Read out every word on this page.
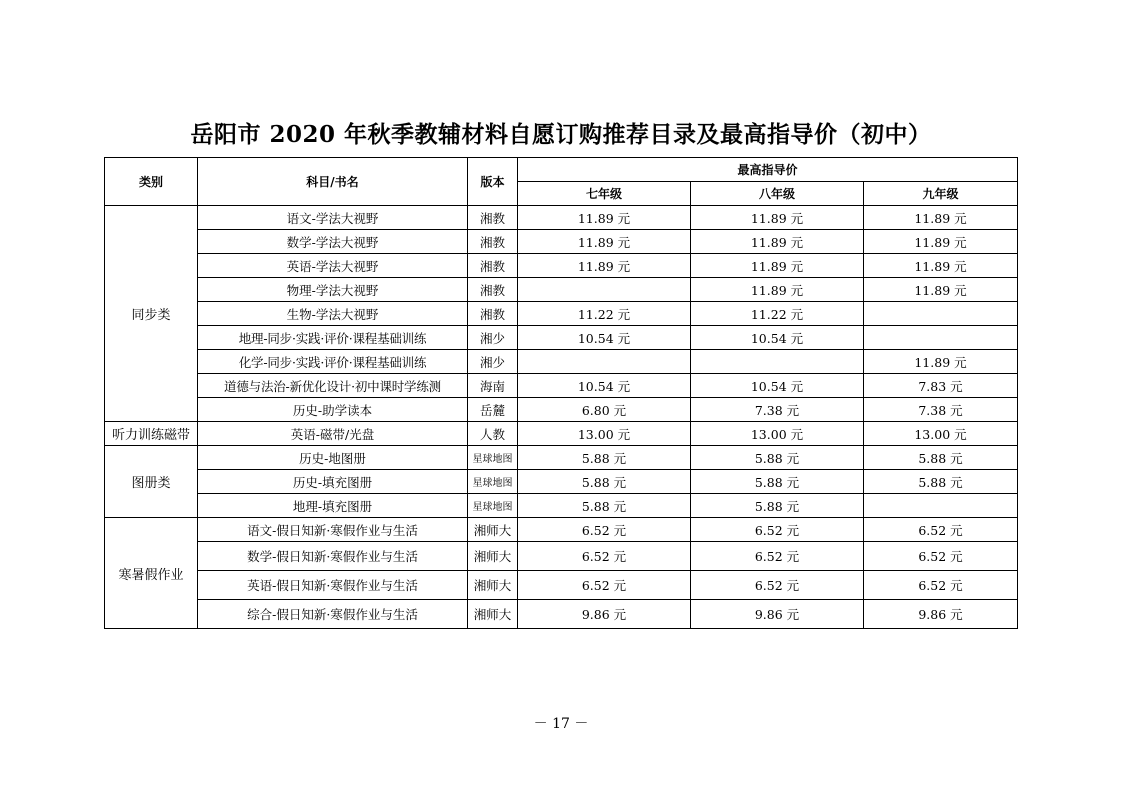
岳阳市 2020 年秋季教辅材料自愿订购推荐目录及最高指导价（初中）
类别	科目/书名	版本	最高指导价		
			七年级	八年级	九年级
同步类	语文-学法大视野	湘教	11.89 元	11.89 元	11.89 元
	数学-学法大视野	湘教	11.89 元	11.89 元	11.89 元
	英语-学法大视野	湘教	11.89 元	11.89 元	11.89 元
	物理-学法大视野	湘教		11.89 元	11.89 元
	生物-学法大视野	湘教	11.22 元	11.22 元	
	地理-同步·实践·评价·课程基础训练	湘少	10.54 元	10.54 元	
	化学-同步·实践·评价·课程基础训练	湘少			11.89 元
	道德与法治-新优化设计·初中课时学练测	海南	10.54 元	10.54 元	7.83 元
	历史-助学读本	岳麓	6.80 元	7.38 元	7.38 元
听力训练磁带	英语-磁带/光盘	人教	13.00 元	13.00 元	13.00 元
图册类	历史-地图册	星球地图	5.88 元	5.88 元	5.88 元
	历史-填充图册	星球地图	5.88 元	5.88 元	5.88 元
	地理-填充图册	星球地图	5.88 元	5.88 元	
寒暑假作业	语文-假日知新·寒假作业与生活	湘师大	6.52 元	6.52 元	6.52 元
	数学-假日知新·寒假作业与生活	湘师大	6.52 元	6.52 元	6.52 元
	英语-假日知新·寒假作业与生活	湘师大	6.52 元	6.52 元	6.52 元
	综合-假日知新·寒假作业与生活	湘师大	9.86 元	9.86 元	9.86 元
－ 17 －
